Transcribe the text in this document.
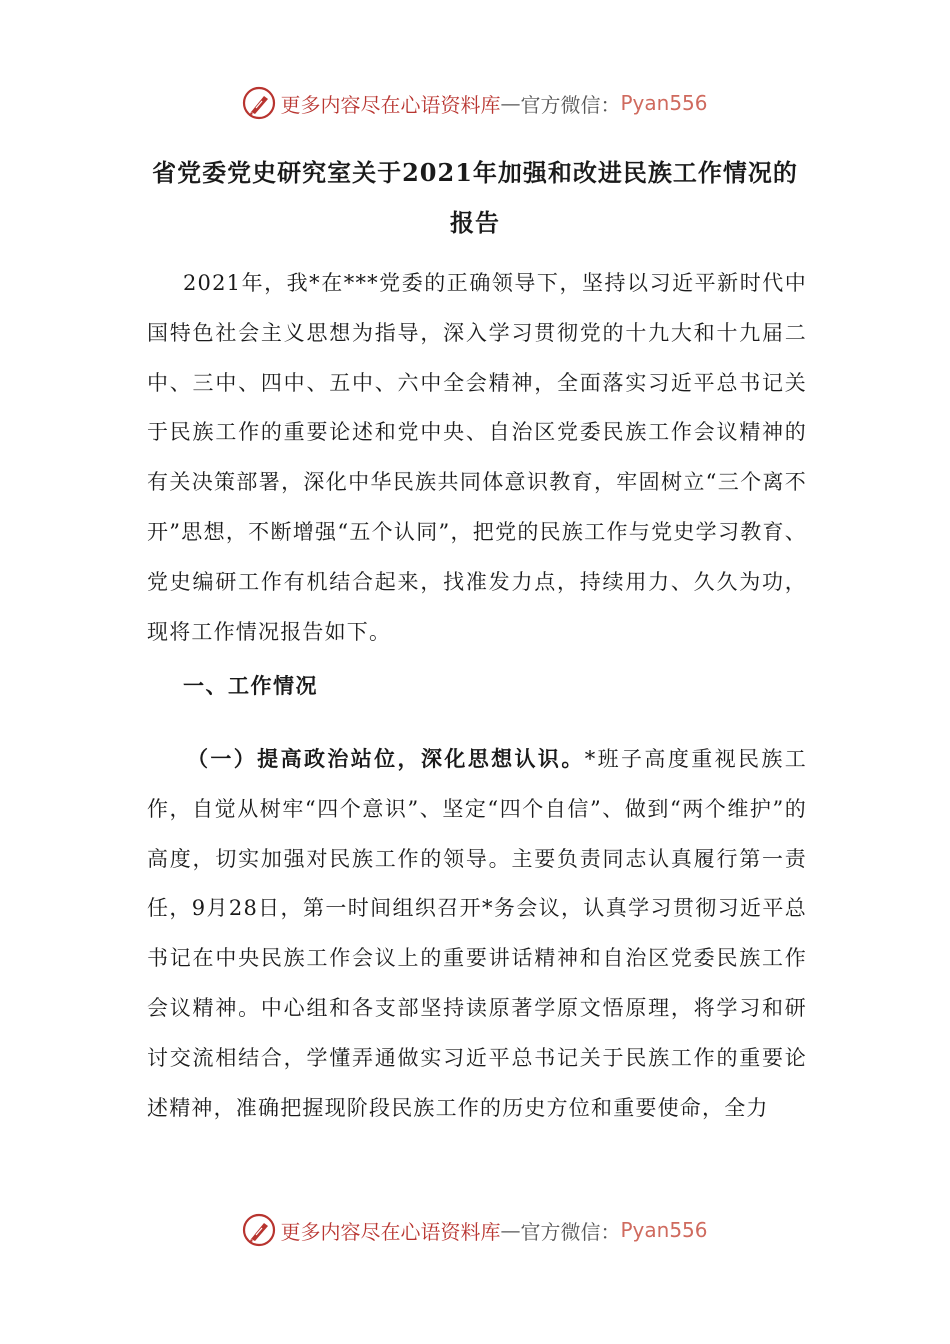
更多内容尽在心语资料库 — 官方微信： Pyan556
省党委党史研究室关于2021年加强和改进民族工作情况的
报告
2021年，我*在***党委的正确领导下，坚持以习近平新时代中国特色社会主义思想为指导，深入学习贯彻党的十九大和十九届二中、三中、四中、五中、六中全会精神，全面落实习近平总书记关于民族工作的重要论述和党中央、自治区党委民族工作会议精神的有关决策部署，深化中华民族共同体意识教育，牢固树立“三个离不开”思想，不断增强“五个认同”，把党的民族工作与党史学习教育、党史编研工作有机结合起来，找准发力点，持续用力、久久为功，现将工作情况报告如下。
一、工作情况
（一）提高政治站位，深化思想认识。*班子高度重视民族工作，自觉从树牢“四个意识”、坚定“四个自信”、做到“两个维护”的高度，切实加强对民族工作的领导。主要负责同志认真履行第一责任，9月28日，第一时间组织召开*务会议，认真学习贯彻习近平总书记在中央民族工作会议上的重要讲话精神和自治区党委民族工作会议精神。中心组和各支部坚持读原著学原文悟原理，将学习和研讨交流相结合，学懂弄通做实习近平总书记关于民族工作的重要论述精神，准确把握现阶段民族工作的历史方位和重要使命，全力
更多内容尽在心语资料库 — 官方微信： Pyan556
